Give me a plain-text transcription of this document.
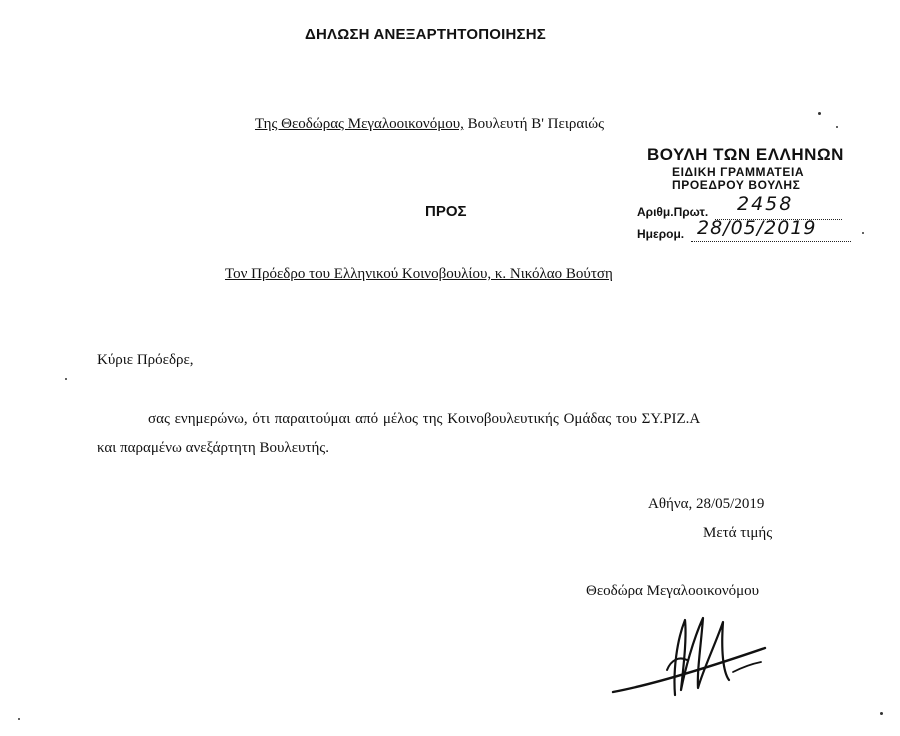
ΔΗΛΩΣΗ ΑΝΕΞΑΡΤΗΤΟΠΟΙΗΣΗΣ
Της Θεοδώρας Μεγαλοοικονόμου, Βουλευτή Β' Πειραιώς
ΒΟΥΛΗ ΤΩΝ ΕΛΛΗΝΩΝ
ΕΙΔΙΚΗ ΓΡΑΜΜΑΤΕΙΑ
ΠΡΟΕΔΡΟΥ ΒΟΥΛΗΣ
Αριθμ.Πρωτ. 2458
Ημερομ. 28/05/2019
ΠΡΟΣ
Τον Πρόεδρο του Ελληνικού Κοινοβουλίου, κ. Νικόλαο Βούτση
Κύριε Πρόεδρε,
σας ενημερώνω, ότι παραιτούμαι από μέλος της Κοινοβουλευτικής Ομάδας του ΣΥ.ΡΙΖ.Α
και παραμένω ανεξάρτητη Βουλευτής.
Αθήνα, 28/05/2019
Μετά τιμής
Θεοδώρα Μεγαλοοικονόμου
